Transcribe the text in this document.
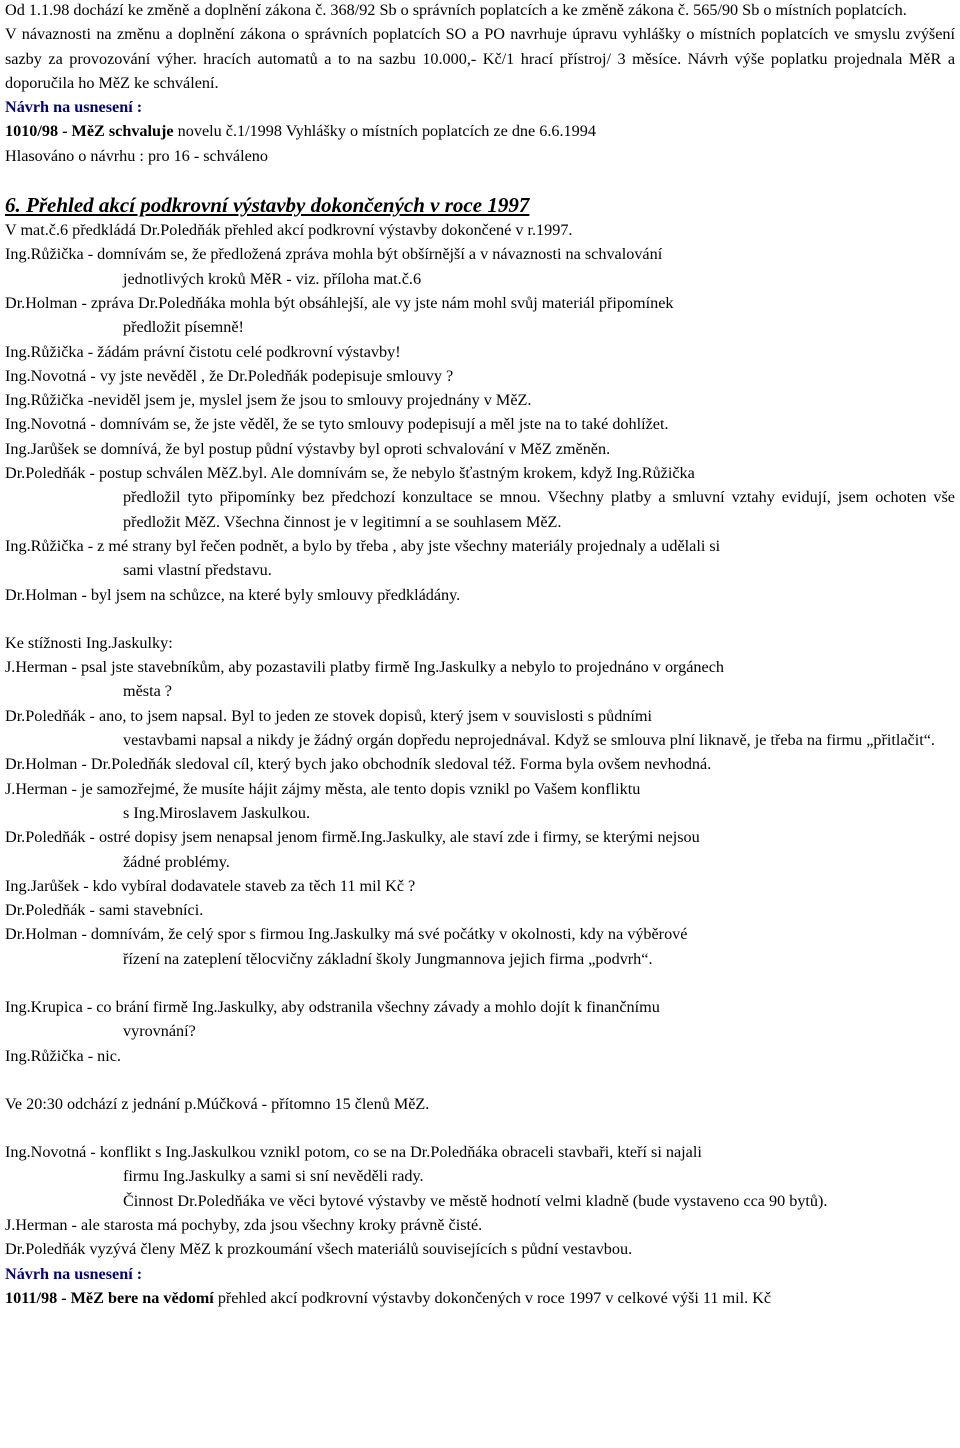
Od 1.1.98 dochází ke změně a doplnění zákona č. 368/92 Sb o správních poplatcích a ke změně zákona č. 565/90 Sb o místních poplatcích.

V návaznosti na změnu a doplnění zákona o správních poplatcích SO a PO navrhuje úpravu vyhlášky o místních poplatcích ve smyslu zvýšení sazby za provozování výher. hracích automatů a to na sazbu 10.000,- Kč/1 hrací přístroj/ 3 měsíce. Návrh výše poplatku projednala MěR a doporučila ho MěZ ke schválení.

Návrh na usnesení :

1010/98 - MěZ schvaluje novelu č.1/1998 Vyhlášky o místních poplatcích ze dne 6.6.1994

Hlasováno o návrhu : pro 16 - schváleno

6. Přehled akcí podkrovní výstavby dokončených v roce 1997

V mat.č.6 předkládá Dr.Poledňák přehled akcí podkrovní výstavby dokončené v r.1997.

Ing.Růžička - domnívám se, že předložená zpráva mohla být obšírnější a v návaznosti na schvalování
jednotlivých kroků MěR - viz. příloha mat.č.6

Dr.Holman - zpráva Dr.Poledňáka mohla být obsáhlejší, ale vy jste nám mohl svůj materiál připomínek
předložit písemně!

Ing.Růžička - žádám právní čistotu celé podkrovní výstavby!

Ing.Novotná - vy jste nevěděl , že Dr.Poledňák podepisuje smlouvy ?

Ing.Růžička -neviděl jsem je, myslel jsem že jsou to smlouvy projednány v MěZ.

Ing.Novotná - domnívám se, že jste věděl, že se tyto smlouvy podepisují a měl jste na to také dohlížet.

Ing.Jarůšek se domnívá, že byl postup půdní výstavby byl oproti schvalování v MěZ změněn.

Dr.Poledňák - postup schválen MěZ.byl. Ale domnívám se, že nebylo šťastným krokem, když Ing.Růžička
předložil tyto připomínky bez předchozí konzultace se mnou. Všechny platby a smluvní vztahy evidují, jsem ochoten vše předložit MěZ. Všechna činnost je v legitimní a se souhlasem MěZ.

Ing.Růžička - z mé strany byl řečen podnět, a bylo by třeba , aby jste všechny materiály projednaly a udělali si
sami vlastní představu.

Dr.Holman - byl jsem na schůzce, na které byly smlouvy předkládány.

Ke stížnosti Ing.Jaskulky:

J.Herman - psal jste stavebníkům, aby pozastavili platby firmě Ing.Jaskulky a nebylo to projednáno v orgánech
města ?

Dr.Poledňák - ano, to jsem napsal. Byl to jeden ze stovek dopisů, který jsem v souvislosti s půdními
vestavbami napsal a nikdy je žádný orgán dopředu neprojednával. Když se smlouva plní liknavě, je třeba na firmu „přitlačit“.

Dr.Holman - Dr.Poledňák sledoval cíl, který bych jako obchodník sledoval též. Forma byla ovšem nevhodná.

J.Herman - je samozřejmé, že musíte hájit zájmy města, ale tento dopis vznikl po Vašem konfliktu
s Ing.Miroslavem Jaskulkou.

Dr.Poledňák - ostré dopisy jsem nenapsal jenom firmě.Ing.Jaskulky, ale staví zde i firmy, se kterými nejsou
žádné problémy.

Ing.Jarůšek - kdo vybíral dodavatele staveb za těch 11 mil Kč ?

Dr.Poledňák - sami stavebníci.

Dr.Holman - domnívám, že celý spor s firmou Ing.Jaskulky má své počátky v okolnosti, kdy na výběrové
řízení na zateplení tělocvičny základní školy Jungmannova jejich firma „podvrh“.

Ing.Krupica - co brání firmě Ing.Jaskulky, aby odstranila všechny závady a mohlo dojít k finančnímu
vyrovnání?

Ing.Růžička - nic.

Ve 20:30 odchází z jednání p.Múčková - přítomno 15 členů MěZ.

Ing.Novotná - konflikt s Ing.Jaskulkou vznikl potom, co se na Dr.Poledňáka obraceli stavbaři, kteří si najali
firmu Ing.Jaskulky a sami si sní nevěděli rady.
Činnost Dr.Poledňáka ve věci bytové výstavby ve městě hodnotí velmi kladně (bude vystaveno cca 90 bytů).

J.Herman - ale starosta má pochyby, zda jsou všechny kroky právně čisté.

Dr.Poledňák vyzývá členy MěZ k prozkoumání všech materiálů souvisejících s půdní vestavbou.

Návrh na usnesení :

1011/98 - MěZ bere na vědomí přehled akcí podkrovní výstavby dokončených v roce 1997 v celkové výši 11 mil. Kč
